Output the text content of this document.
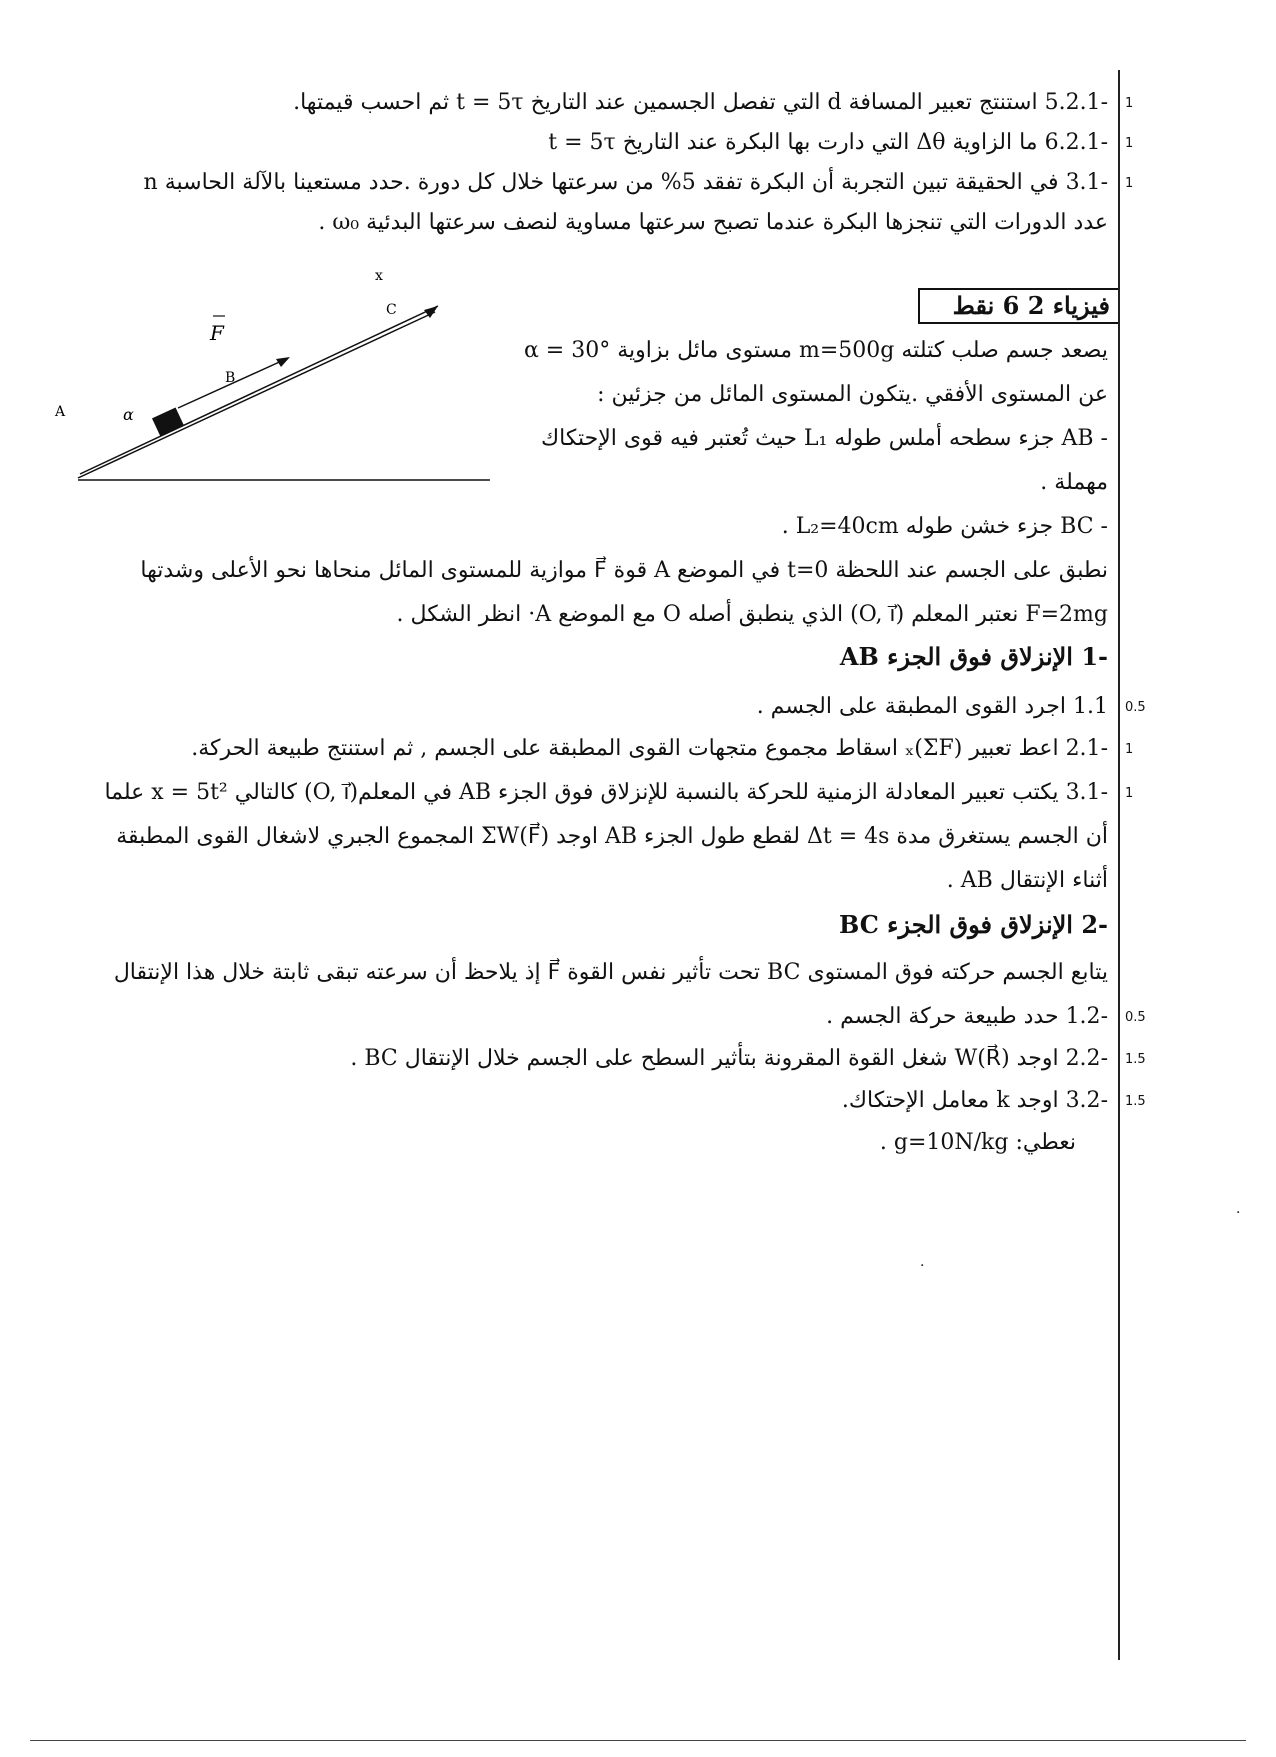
-5.2.1 استنتج تعبير المسافة d التي تفصل الجسمين عند التاريخ t = 5τ ثم احسب قيمتها. 1
-6.2.1 ما الزاوية Δθ التي دارت بها البكرة عند التاريخ t = 5τ 1
-3.1 في الحقيقة تبين التجربة أن البكرة تفقد 5% من سرعتها خلال كل دورة .حدد مستعينا بالآلة الحاسبة n 1
عدد الدورات التي تنجزها البكرة عندما تصبح سرعتها مساوية لنصف سرعتها البدئية ω₀ .
فيزياء 2 6 نقط
F
x
C
B
A	α
يصعد جسم صلب كتلته m=500g مستوى مائل بزاوية α = 30°
عن المستوى الأفقي .يتكون المستوى المائل من جزئين :
- AB جزء سطحه أملس طوله L₁ حيث تُعتبر فيه قوى الإحتكاك
مهملة .
- BC جزء خشن طوله L₂=40cm .
نطبق على الجسم عند اللحظة t=0 في الموضع A قوة F⃗ موازية للمستوى المائل منحاها نحو الأعلى وشدتها
F=2mg نعتبر المعلم (O, i⃗) الذي ينطبق أصله O مع الموضع A· انظر الشكل .
-1 الإنزلاق فوق الجزء AB
1.1 اجرد القوى المطبقة على الجسم . 0.5
-2.1 اعط تعبير (ΣF)ₓ اسقاط مجموع متجهات القوى المطبقة على الجسم , ثم استنتج طبيعة الحركة. 1
-3.1 يكتب تعبير المعادلة الزمنية للحركة بالنسبة للإنزلاق فوق الجزء AB في المعلم(O, i⃗) كالتالي x = 5t² علما 1
أن الجسم يستغرق مدة Δt = 4s لقطع طول الجزء AB اوجد ΣW(F⃗) المجموع الجبري لاشغال القوى المطبقة
أثناء الإنتقال AB .
-2 الإنزلاق فوق الجزء BC
يتابع الجسم حركته فوق المستوى BC تحت تأثير نفس القوة F⃗ إذ يلاحظ أن سرعته تبقى ثابتة خلال هذا الإنتقال
-1.2 حدد طبيعة حركة الجسم . 0.5
-2.2 اوجد W(R⃗) شغل القوة المقرونة بتأثير السطح على الجسم خلال الإنتقال BC . 1.5
-3.2 اوجد k معامل الإحتكاك. 1.5
نعطي: g=10N/kg .
·
·
